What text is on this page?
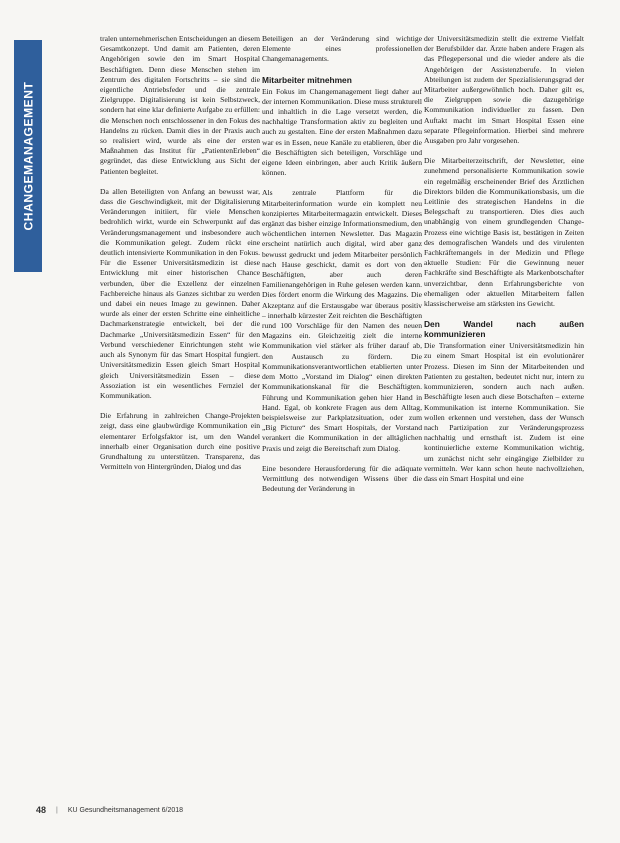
CHANGEMANAGEMENT

tralen unternehmerischen Entscheidungen an diesem Gesamtkonzept. Und damit am Patienten, deren Angehörigen sowie den im Smart Hospital Beschäftigten. Denn diese Menschen stehen im Zentrum des digitalen Fortschritts – sie sind die eigentliche Antriebsfeder und die zentrale Zielgruppe. Digitalisierung ist kein Selbstzweck, sondern hat eine klar definierte Aufgabe zu erfüllen: die Menschen noch entschlossener in den Fokus des Handelns zu rücken. Damit dies in der Praxis auch so realisiert wird, wurde als eine der ersten Maßnahmen das Institut für „PatientenErleben“ gegründet, das diese Entwicklung aus Sicht der Patienten begleitet.

Da allen Beteiligten von Anfang an bewusst war, dass die Geschwindigkeit, mit der Digitalisierung Veränderungen initiiert, für viele Menschen bedrohlich wirkt, wurde ein Schwerpunkt auf das Veränderungsmanagement und insbesondere auch die Kommunikation gelegt. Zudem rückt eine deutlich intensivierte Kommunikation in den Fokus. Für die Essener Universitätsmedizin ist diese Entwicklung mit einer historischen Chance verbunden, über die Exzellenz der einzelnen Fachbereiche hinaus als Ganzes sichtbar zu werden und dabei ein neues Image zu gewinnen. Daher wurde als einer der ersten Schritte eine einheitliche Dachmarkenstrategie entwickelt, bei der die Dachmarke „Universitätsmedizin Essen“ für den Verbund verschiedener Einrichtungen steht wie auch als Synonym für das Smart Hospital fungiert. Universitätsmedizin Essen gleich Smart Hospital gleich Universitätsmedizin Essen – diese Assoziation ist ein wesentliches Fernziel der Kommunikation.

Die Erfahrung in zahlreichen Change-Projekten zeigt, dass eine glaubwürdige Kommunikation ein elementarer Erfolgsfaktor ist, um den Wandel innerhalb einer Organisation durch eine positive Grundhaltung zu unterstützen. Transparenz, das Vermitteln von Hintergründen, Dialog und das

Beteiligen an der Veränderung sind wichtige Elemente eines professionellen Changemanagements.

Mitarbeiter mitnehmen

Ein Fokus im Changemanagement liegt daher auf der internen Kommunikation. Diese muss strukturell und inhaltlich in die Lage versetzt werden, die nachhaltige Transformation aktiv zu begleiten und auch zu gestalten. Eine der ersten Maßnahmen dazu war es in Essen, neue Kanäle zu etablieren, über die die Beschäftigten sich beteiligen, Vorschläge und eigene Ideen einbringen, aber auch Kritik äußern können.

Als zentrale Plattform für die Mitarbeiterinformation wurde ein komplett neu konzipiertes Mitarbeitermagazin entwickelt. Dieses ergänzt das bisher einzige Informationsmedium, den wöchentlichen internen Newsletter. Das Magazin erscheint natürlich auch digital, wird aber ganz bewusst gedruckt und jedem Mitarbeiter persönlich nach Hause geschickt, damit es dort von den Beschäftigten, aber auch deren Familienangehörigen in Ruhe gelesen werden kann. Dies fördert enorm die Wirkung des Magazins. Die Akzeptanz auf die Erstausgabe war überaus positiv – innerhalb kürzester Zeit reichten die Beschäftigten rund 100 Vorschläge für den Namen des neuen Magazins ein. Gleichzeitig zielt die interne Kommunikation viel stärker als früher darauf ab, den Austausch zu fördern. Die Kommunikationsverantwortlichen etablierten unter dem Motto „Vorstand im Dialog“ einen direkten Kommunikationskanal für die Beschäftigten. Führung und Kommunikation gehen hier Hand in Hand. Egal, ob konkrete Fragen aus dem Alltag, beispielsweise zur Parkplatzsituation, oder zum „Big Picture“ des Smart Hospitals, der Vorstand verankert die Kommunikation in der alltäglichen Praxis und zeigt die Bereitschaft zum Dialog.

Eine besondere Herausforderung für die adäquate Vermittlung des notwendigen Wissens über die Bedeutung der Veränderung in

der Universitätsmedizin stellt die extreme Vielfalt der Berufsbilder dar. Ärzte haben andere Fragen als das Pflegepersonal und die wieder andere als die Angehörigen der Assistenzberufe. In vielen Abteilungen ist zudem der Spezialisierungsgrad der Mitarbeiter außergewöhnlich hoch. Daher gilt es, die Zielgruppen sowie die dazugehörige Kommunikation individueller zu fassen. Den Auftakt macht im Smart Hospital Essen eine separate Pflegeinformation. Hierbei sind mehrere Ausgaben pro Jahr vorgesehen.

Die Mitarbeiterzeitschrift, der Newsletter, eine zunehmend personalisierte Kommunikation sowie ein regelmäßig erscheinender Brief des Ärztlichen Direktors bilden die Kommunikationsbasis, um die Leitlinie des strategischen Handelns in die Belegschaft zu transportieren. Dies dies auch unabhängig von einem grundlegenden Change-Prozess eine wichtige Basis ist, bestätigen in Zeiten des demografischen Wandels und des virulenten Fachkräftemangels in der Medizin und Pflege aktuelle Studien: Für die Gewinnung neuer Fachkräfte sind Beschäftigte als Markenbotschafter unverzichtbar, denn Erfahrungsberichte von ehemaligen oder aktuellen Mitarbeitern fallen klassischerweise am stärksten ins Gewicht.

Den Wandel nach außen kommunizieren

Die Transformation einer Universitätsmedizin hin zu einem Smart Hospital ist ein evolutionärer Prozess. Diesen im Sinn der Mitarbeitenden und Patienten zu gestalten, bedeutet nicht nur, intern zu kommunizieren, sondern auch nach außen. Beschäftigte lesen auch diese Botschaften – externe Kommunikation ist interne Kommunikation. Sie wollen erkennen und verstehen, dass der Wunsch nach Partizipation zur Veränderungsprozess nachhaltig und ernsthaft ist. Zudem ist eine kontinuierliche externe Kommunikation wichtig, um zunächst nicht sehr eingängige Zielbilder zu vermitteln. Wer kann schon heute nachvollziehen, dass ein Smart Hospital und eine

48 | KU Gesundheitsmanagement 6/2018
